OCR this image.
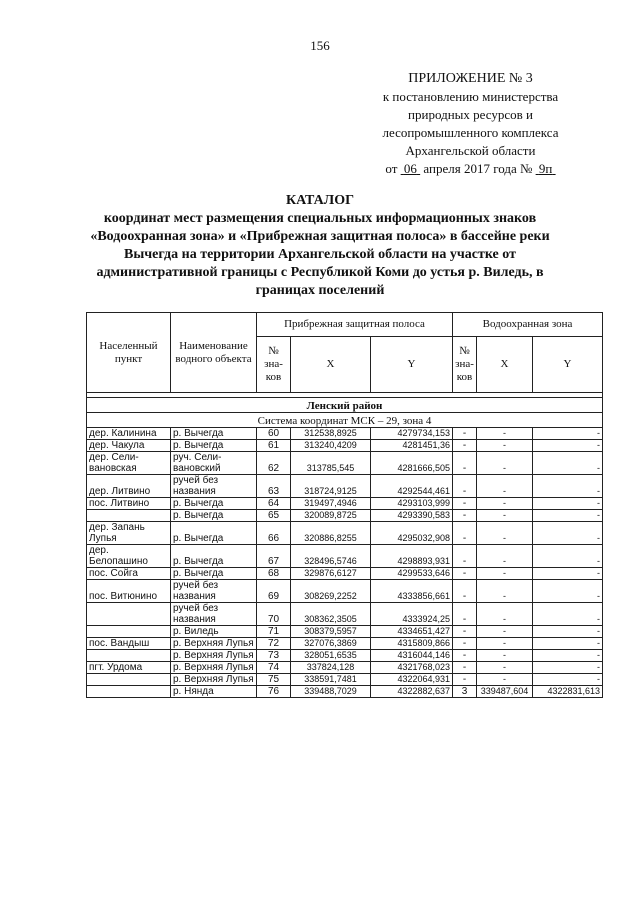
156
ПРИЛОЖЕНИЕ № 3
к постановлению министерства
природных ресурсов и
лесопромышленного комплекса
Архангельской области
от 06 апреля 2017 года № 9п
КАТАЛОГ
координат мест размещения специальных информационных знаков
«Водоохранная зона» и «Прибрежная защитная полоса» в бассейне реки
Вычегда на территории Архангельской области на участке от
административной границы с Республикой Коми до устья р. Виледь, в
границах поселений
Населенный пункт	Наименование водного объекта	Прибрежная защитная полоса			Водоохранная зона		
		№ зна-ков	X	Y	№ зна-ков	X	Y

Ленский район							
Система координат МСК – 29, зона 4							
дер. Калинина	р. Вычегда	60	312538,8925	4279734,153	-	-	-
дер. Чакула	р. Вычегда	61	313240,4209	4281451,36	-	-	-
дер. Сели-вановская	руч. Сели-вановский	62	313785,545	4281666,505	-	-	-
дер. Литвино	ручей без названия	63	318724,9125	4292544,461	-	-	-
пос. Литвино	р. Вычегда	64	319497,4946	4293103,999	-	-	-
	р. Вычегда	65	320089,8725	4293390,583	-	-	-
дер. Запань Лупья	р. Вычегда	66	320886,8255	4295032,908	-	-	-
дер. Белопашино	р. Вычегда	67	328496,5746	4298893,931	-	-	-
пос. Сойга	р. Вычегда	68	329876,6127	4299533,646	-	-	-
пос. Витюнино	ручей без названия	69	308269,2252	4333856,661	-	-	-
	ручей без названия	70	308362,3505	4333924,25	-	-	-
	р. Виледь	71	308379,5957	4334651,427	-	-	-
пос. Вандыш	р. Верхняя Лупья	72	327076,3869	4315809,866	-	-	-
	р. Верхняя Лупья	73	328051,6535	4316044,146	-	-	-
пгт. Урдома	р. Верхняя Лупья	74	337824,128	4321768,023	-	-	-
	р. Верхняя Лупья	75	338591,7481	4322064,931	-	-	-
	р. Нянда	76	339488,7029	4322882,637	3	339487,604	4322831,613
